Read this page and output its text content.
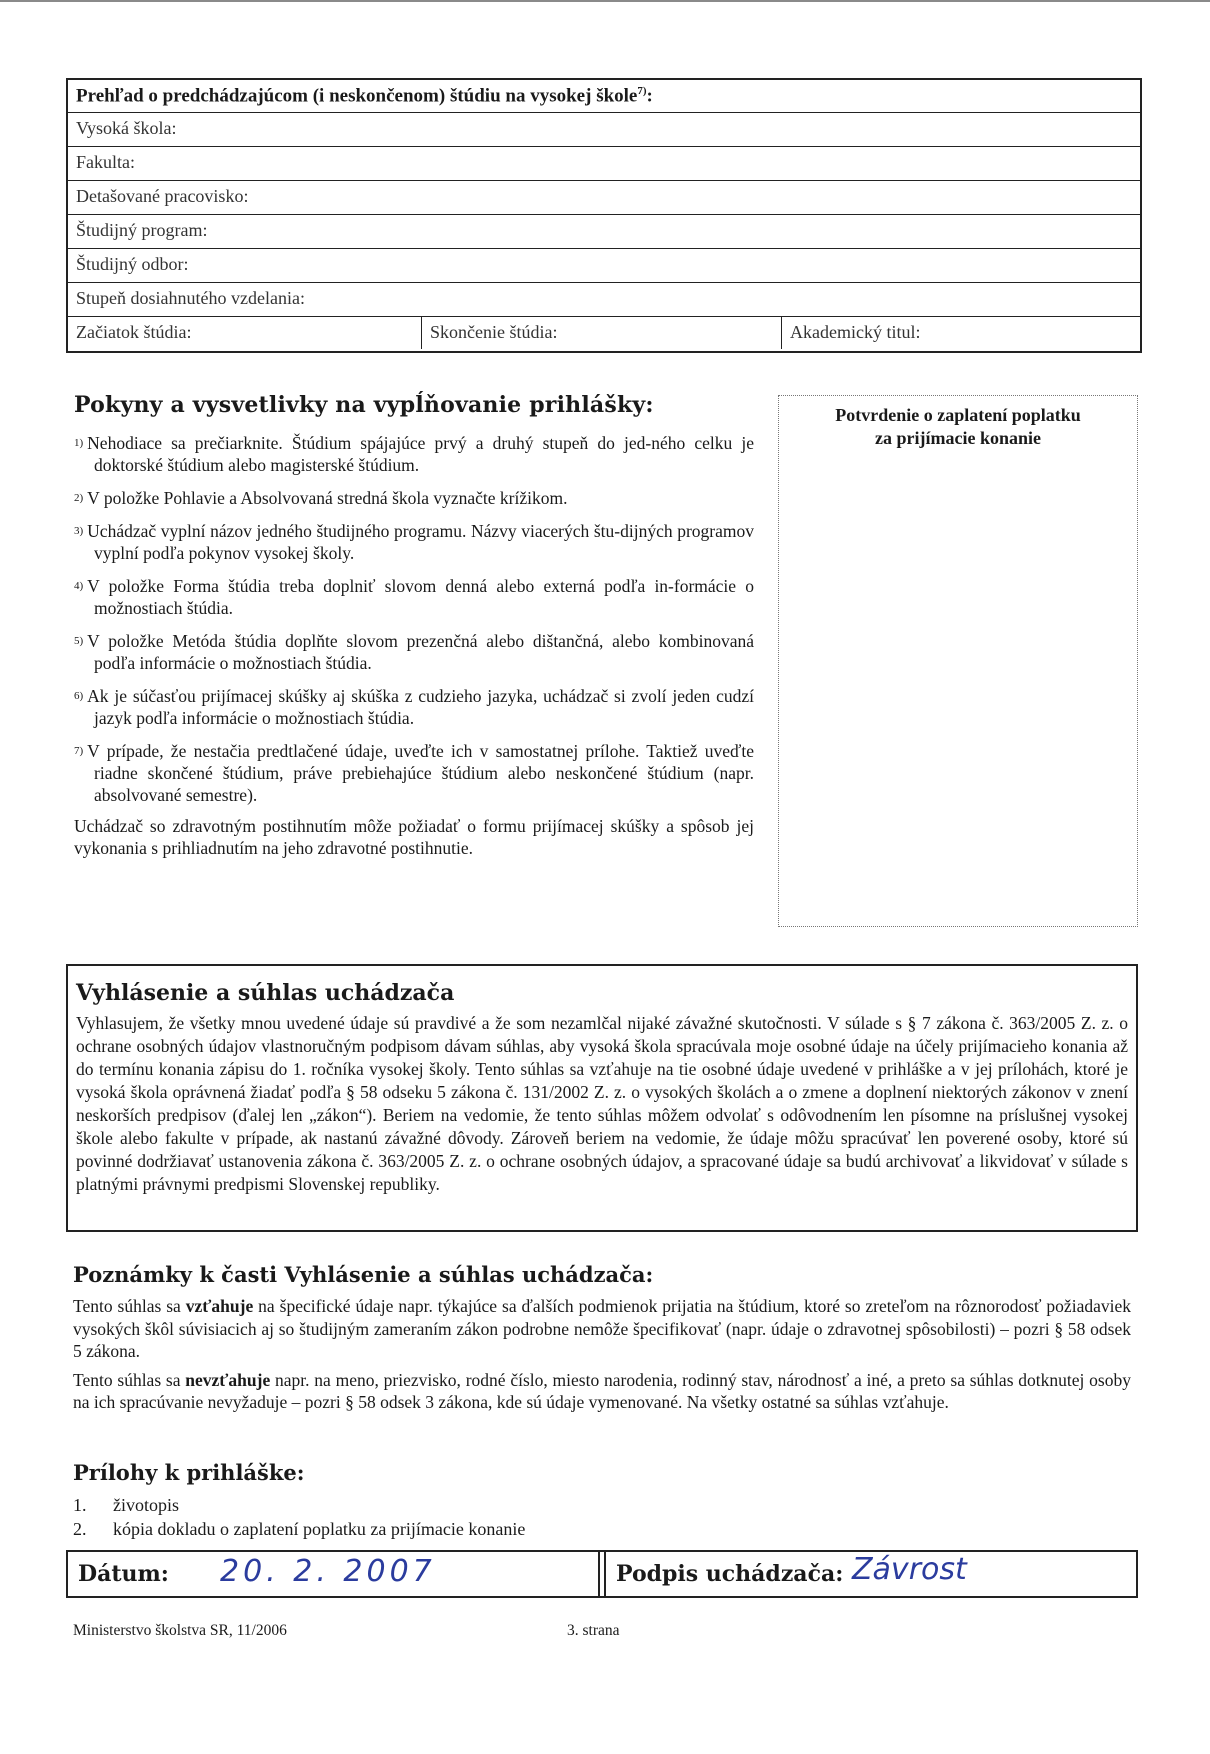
Prehľad o predchádzajúcom (i neskončenom) štúdiu na vysokej škole$^{7)}$:
Vysoká škola:
Fakulta:
Detašované pracovisko:
Študijný program:
Študijný odbor:
Stupeň dosiahnutého vzdelania:
Začiatok štúdia:	Skončenie štúdia:	Akademický titul:
Pokyny a vysvetlivky na vypĺňovanie prihlášky:
$^{1)}$ Nehodiace sa prečiarknite. Štúdium spájajúce prvý a druhý stupeň do jed-ného celku je doktorské štúdium alebo magisterské štúdium.
$^{2)}$ V položke Pohlavie a Absolvovaná stredná škola vyznačte krížikom.
$^{3)}$ Uchádzač vyplní názov jedného študijného programu. Názvy viacerých štu-dijných programov vyplní podľa pokynov vysokej školy.
$^{4)}$ V položke Forma štúdia treba doplniť slovom denná alebo externá podľa in-formácie o možnostiach štúdia.
$^{5)}$ V položke Metóda štúdia doplňte slovom prezenčná alebo dištančná, alebo kombinovaná podľa informácie o možnostiach štúdia.
$^{6)}$ Ak je súčasťou prijímacej skúšky aj skúška z cudzieho jazyka, uchádzač si zvolí jeden cudzí jazyk podľa informácie o možnostiach štúdia.
$^{7)}$ V prípade, že nestačia predtlačené údaje, uveďte ich v samostatnej prílohe. Taktiež uveďte riadne skončené štúdium, práve prebiehajúce štúdium alebo neskončené štúdium (napr. absolvované semestre).
Uchádzač so zdravotným postihnutím môže požiadať o formu prijímacej skúšky a spôsob jej vykonania s prihliadnutím na jeho zdravotné postihnutie.
Potvrdenie o zaplatení poplatku
za prijímacie konanie
Vyhlásenie a súhlas uchádzača

Vyhlasujem, že všetky mnou uvedené údaje sú pravdivé a že som nezamlčal nijaké závažné skutočnosti. V súlade s § 7 zákona č. 363/2005 Z. z. o ochrane osobných údajov vlastnoručným podpisom dávam súhlas, aby vysoká škola spracúvala moje osobné údaje na účely prijímacieho konania až do termínu konania zápisu do 1. ročníka vysokej školy. Tento súhlas sa vzťahuje na tie osobné údaje uvedené v prihláške a v jej prílohách, ktoré je vysoká škola oprávnená žiadať podľa § 58 odseku 5 zákona č. 131/2002 Z. z. o vysokých školách a o zmene a doplnení niektorých zákonov v znení neskorších predpisov (ďalej len „zákon“). Beriem na vedomie, že tento súhlas môžem odvolať s odôvodnením len písomne na príslušnej vysokej škole alebo fakulte v prípade, ak nastanú závažné dôvody. Zároveň beriem na vedomie, že údaje môžu spracúvať len poverené osoby, ktoré sú povinné dodržiavať ustanovenia zákona č. 363/2005 Z. z. o ochrane osobných údajov, a spracované údaje sa budú archivovať a likvidovať v súlade s platnými právnymi predpismi Slovenskej republiky.

Poznámky k časti Vyhlásenie a súhlas uchádzača:

Tento súhlas sa vzťahuje na špecifické údaje napr. týkajúce sa ďalších podmienok prijatia na štúdium, ktoré so zreteľom na rôznorodosť požiadaviek vysokých škôl súvisiacich aj so študijným zameraním zákon podrobne nemôže špecifikovať (napr. údaje o zdravotnej spôsobilosti) – pozri § 58 odsek 5 zákona.

Tento súhlas sa nevzťahuje napr. na meno, priezvisko, rodné číslo, miesto narodenia, rodinný stav, národnosť a iné, a preto sa súhlas dotknutej osoby na ich spracúvanie nevyžaduje – pozri § 58 odsek 3 zákona, kde sú údaje vymenované. Na všetky ostatné sa súhlas vzťahuje.

Prílohy k prihláške:
1.	životopis
2.	kópia dokladu o zaplatení poplatku za prijímacie konanie
Dátum: 20. 2. 2007	Podpis uchádzača: Závrost
Ministerstvo školstva SR, 11/2006	3. strana
